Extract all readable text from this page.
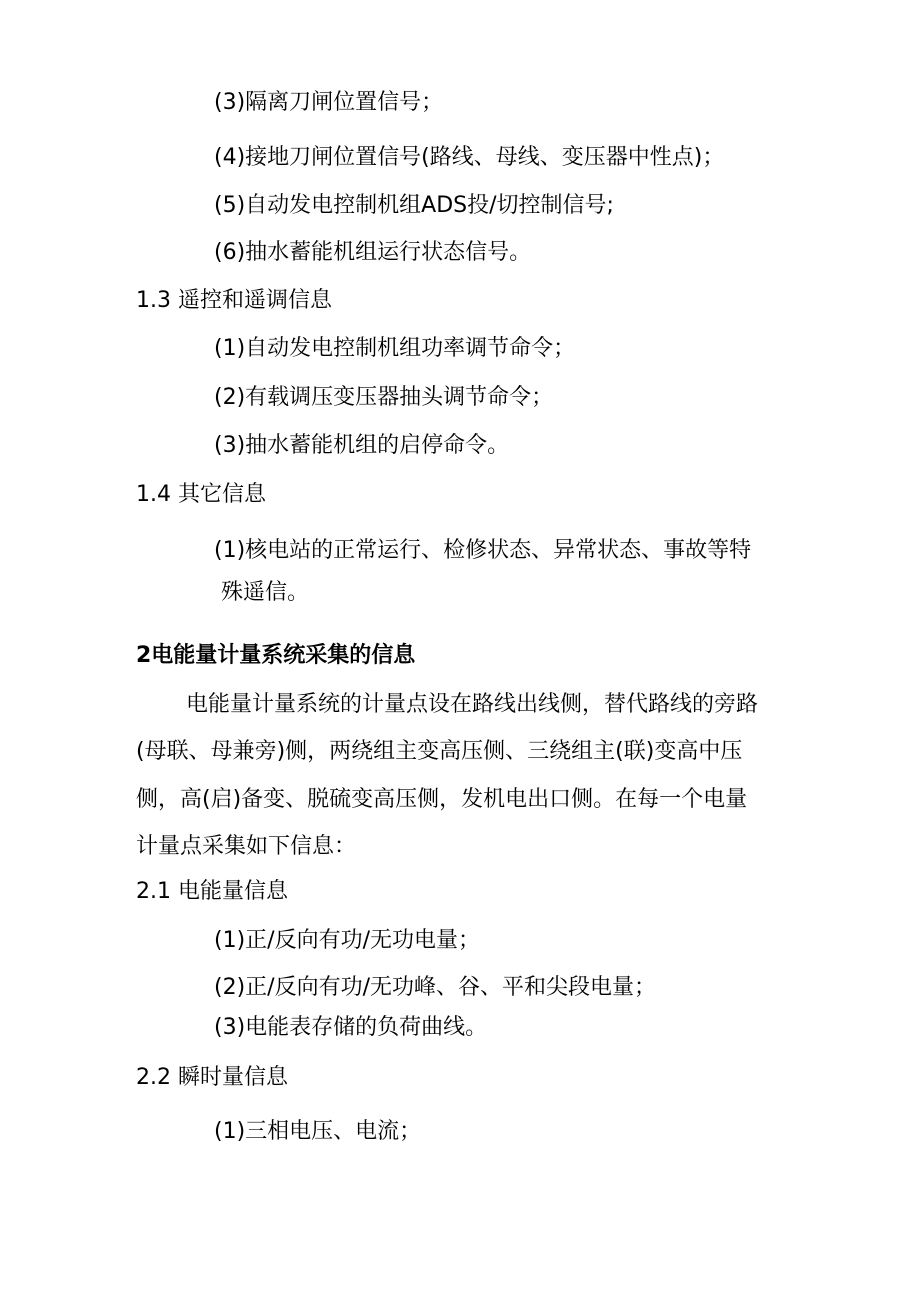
(3)隔离刀闸位置信号；
(4)接地刀闸位置信号(路线、母线、变压器中性点)；
(5)自动发电控制机组ADS投/切控制信号;
(6)抽水蓄能机组运行状态信号。
1.3 遥控和遥调信息
(1)自动发电控制机组功率调节命令；
(2)有载调压变压器抽头调节命令；
(3)抽水蓄能机组的启停命令。
1.4 其它信息
(1)核电站的正常运行、检修状态、异常状态、事故等特
殊遥信。
2电能量计量系统采集的信息
电能量计量系统的计量点设在路线出线侧，替代路线的旁路
(母联、母兼旁)侧，两绕组主变高压侧、三绕组主(联)变高中压
侧，高(启)备变、脱硫变高压侧，发机电出口侧。在每一个电量
计量点采集如下信息：
2.1 电能量信息
(1)正/反向有功/无功电量；
(2)正/反向有功/无功峰、谷、平和尖段电量；
(3)电能表存储的负荷曲线。
2.2 瞬时量信息
(1)三相电压、电流；
